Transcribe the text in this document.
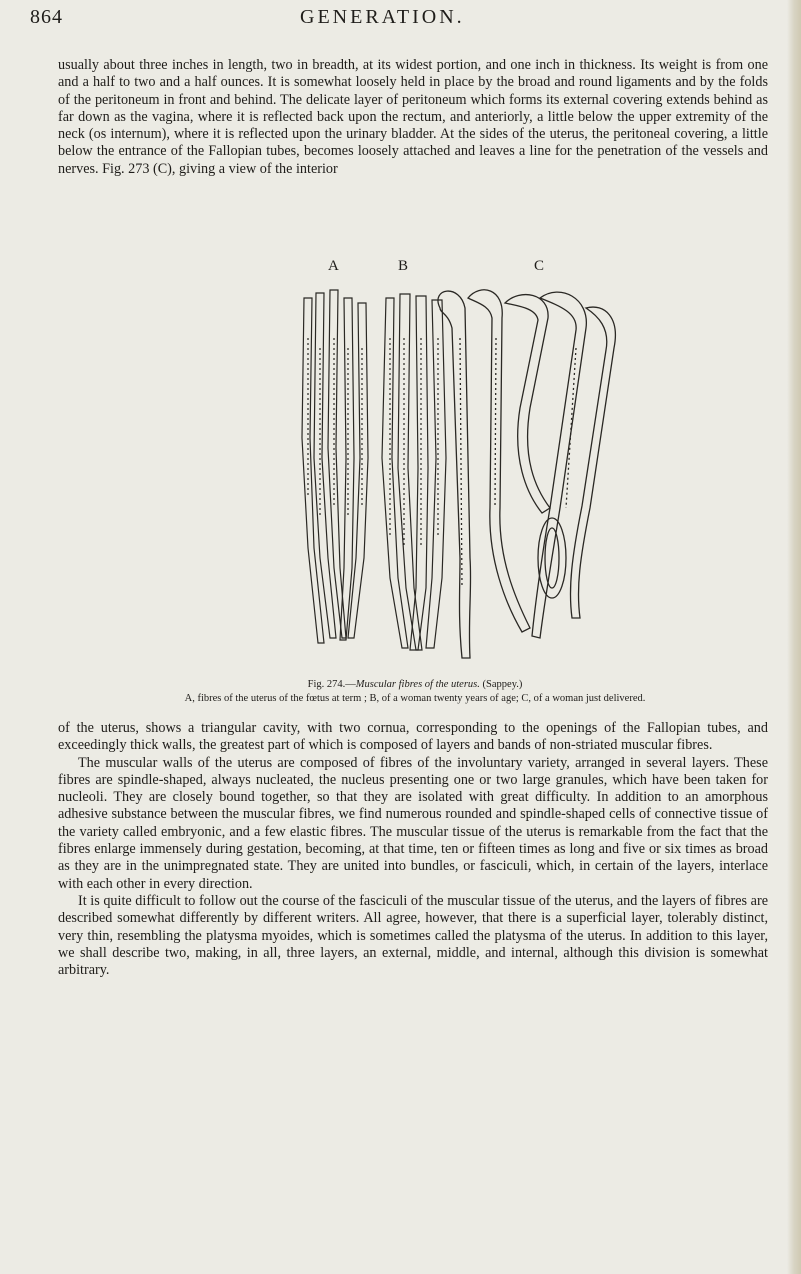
864	GENERATION.

usually about three inches in length, two in breadth, at its widest portion, and one inch in thickness. Its weight is from one and a half to two and a half ounces. It is somewhat loosely held in place by the broad and round ligaments and by the folds of the peritoneum in front and behind. The delicate layer of peritoneum which forms its external covering extends behind as far down as the vagina, where it is reflected back upon the rectum, and anteriorly, a little below the upper extremity of the neck (os internum), where it is reflected upon the urinary bladder. At the sides of the uterus, the peritoneal covering, a little below the entrance of the Fallopian tubes, becomes loosely attached and leaves a line for the penetration of the vessels and nerves. Fig. 273 (C), giving a view of the interior

A	B	C

Fig. 274.—Muscular fibres of the uterus. (Sappey.)
A, fibres of the uterus of the fœtus at term ; B, of a woman twenty years of age; C, of a woman just delivered.

of the uterus, shows a triangular cavity, with two cornua, corresponding to the openings of the Fallopian tubes, and exceedingly thick walls, the greatest part of which is composed of layers and bands of non-striated muscular fibres.

The muscular walls of the uterus are composed of fibres of the involuntary variety, arranged in several layers. These fibres are spindle-shaped, always nucleated, the nucleus presenting one or two large granules, which have been taken for nucleoli. They are closely bound together, so that they are isolated with great difficulty. In addition to an amorphous adhesive substance between the muscular fibres, we find numerous rounded and spindle-shaped cells of connective tissue of the variety called embryonic, and a few elastic fibres. The muscular tissue of the uterus is remarkable from the fact that the fibres enlarge immensely during gestation, becoming, at that time, ten or fifteen times as long and five or six times as broad as they are in the unimpregnated state. They are united into bundles, or fasciculi, which, in certain of the layers, interlace with each other in every direction.

It is quite difficult to follow out the course of the fasciculi of the muscular tissue of the uterus, and the layers of fibres are described somewhat differently by different writers. All agree, however, that there is a superficial layer, tolerably distinct, very thin, resembling the platysma myoides, which is sometimes called the platysma of the uterus. In addition to this layer, we shall describe two, making, in all, three layers, an external, middle, and internal, although this division is somewhat arbitrary.
